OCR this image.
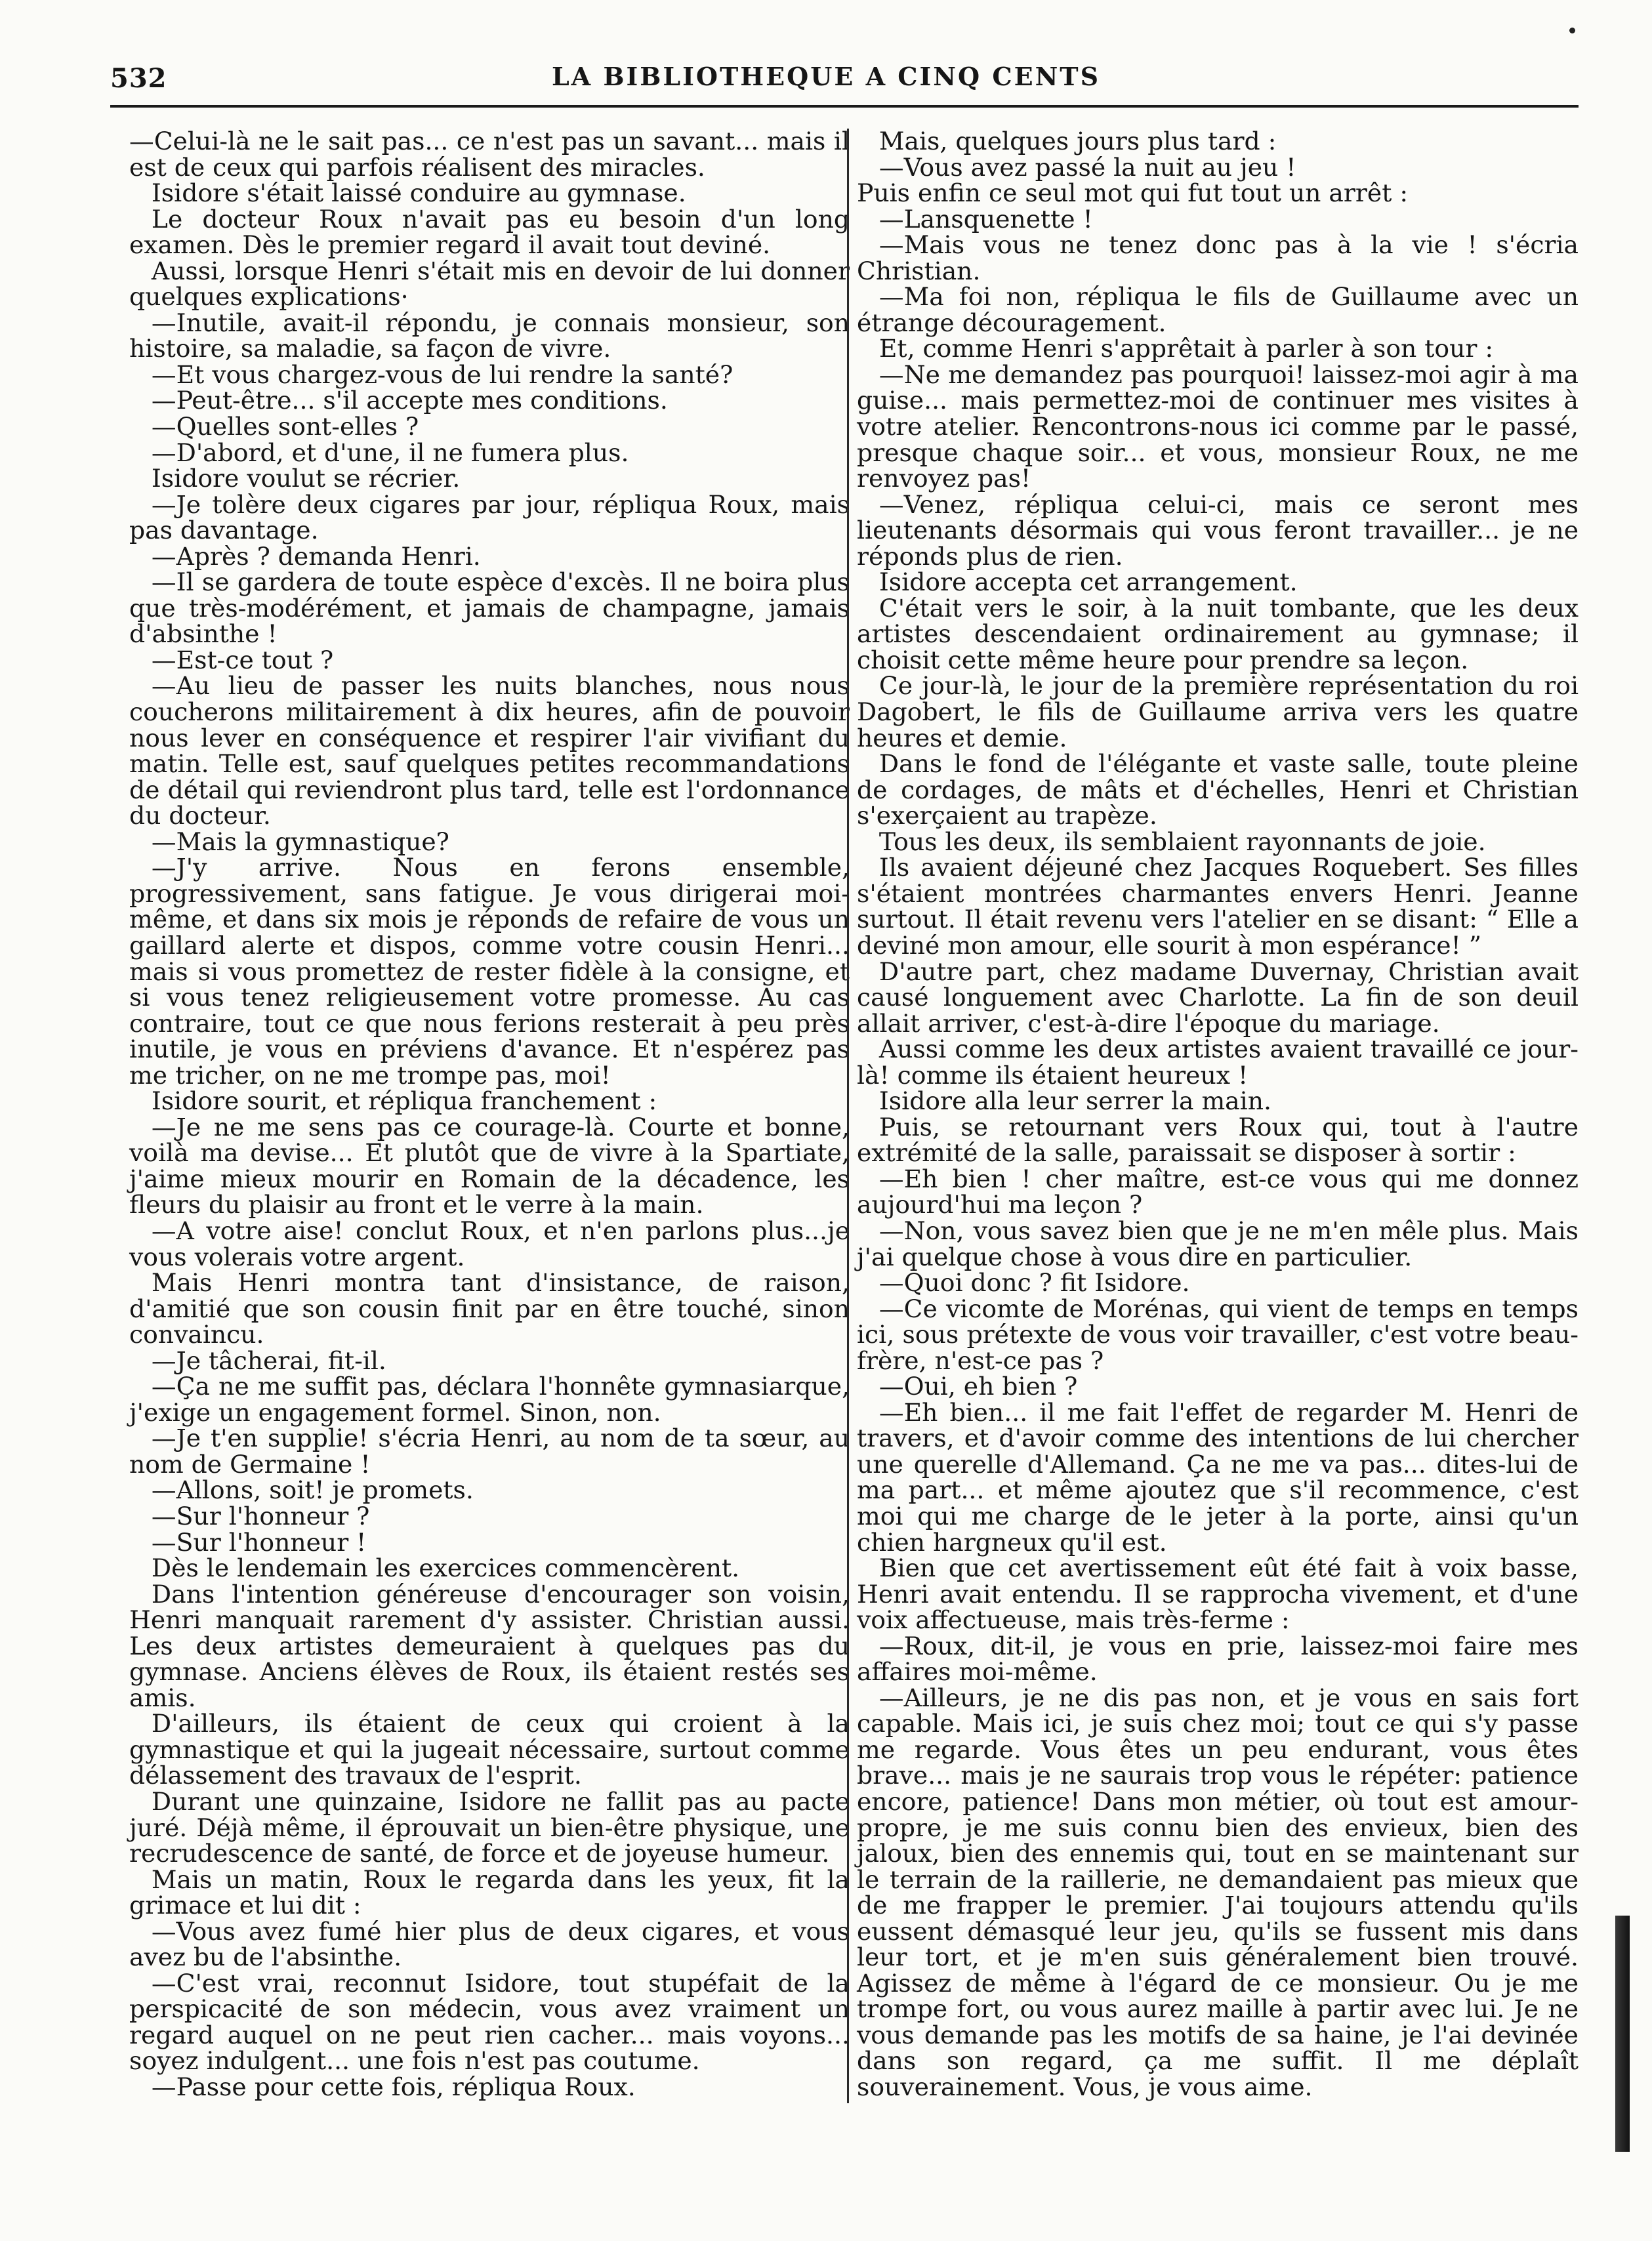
532	LA BIBLIOTHEQUE A CINQ CENTS

—Celui-là ne le sait pas... ce n'est pas un savant... mais il est de ceux qui parfois réalisent des miracles.

Isidore s'était laissé conduire au gymnase.

Le docteur Roux n'avait pas eu besoin d'un long examen. Dès le premier regard il avait tout deviné.

Aussi, lorsque Henri s'était mis en devoir de lui donner quelques explications·

—Inutile, avait-il répondu, je connais monsieur, son histoire, sa maladie, sa façon de vivre.

—Et vous chargez-vous de lui rendre la santé?

—Peut-être... s'il accepte mes conditions.

—Quelles sont-elles ?

—D'abord, et d'une, il ne fumera plus.

Isidore voulut se récrier.

—Je tolère deux cigares par jour, répliqua Roux, mais pas davantage.

—Après ? demanda Henri.

—Il se gardera de toute espèce d'excès. Il ne boira plus que très-modérément, et jamais de champagne, jamais d'absinthe !

—Est-ce tout ?

—Au lieu de passer les nuits blanches, nous nous coucherons militairement à dix heures, afin de pouvoir nous lever en conséquence et respirer l'air vivifiant du matin. Telle est, sauf quelques petites recommandations de détail qui reviendront plus tard, telle est l'ordonnance du docteur.

—Mais la gymnastique?

—J'y arrive. Nous en ferons ensemble, progressivement, sans fatigue. Je vous dirigerai moi-même, et dans six mois je réponds de refaire de vous un gaillard alerte et dispos, comme votre cousin Henri... mais si vous promettez de rester fidèle à la consigne, et si vous tenez religieusement votre promesse. Au cas contraire, tout ce que nous ferions resterait à peu près inutile, je vous en préviens d'avance. Et n'espérez pas me tricher, on ne me trompe pas, moi!

Isidore sourit, et répliqua franchement :

—Je ne me sens pas ce courage-là. Courte et bonne, voilà ma devise... Et plutôt que de vivre à la Spartiate, j'aime mieux mourir en Romain de la décadence, les fleurs du plaisir au front et le verre à la main.

—A votre aise! conclut Roux, et n'en parlons plus...je vous volerais votre argent.

Mais Henri montra tant d'insistance, de raison, d'amitié que son cousin finit par en être touché, sinon convaincu.

—Je tâcherai, fit-il.

—Ça ne me suffit pas, déclara l'honnête gymnasiarque, j'exige un engagement formel. Sinon, non.

—Je t'en supplie! s'écria Henri, au nom de ta sœur, au nom de Germaine !

—Allons, soit! je promets.

—Sur l'honneur ?

—Sur l'honneur !

Dès le lendemain les exercices commencèrent.

Dans l'intention généreuse d'encourager son voisin, Henri manquait rarement d'y assister. Christian aussi. Les deux artistes demeuraient à quelques pas du gymnase. Anciens élèves de Roux, ils étaient restés ses amis.

D'ailleurs, ils étaient de ceux qui croient à la gymnastique et qui la jugeait nécessaire, surtout comme délassement des travaux de l'esprit.

Durant une quinzaine, Isidore ne fallit pas au pacte juré. Déjà même, il éprouvait un bien-être physique, une recrudescence de santé, de force et de joyeuse humeur.

Mais un matin, Roux le regarda dans les yeux, fit la grimace et lui dit :

—Vous avez fumé hier plus de deux cigares, et vous avez bu de l'absinthe.

—C'est vrai, reconnut Isidore, tout stupéfait de la perspicacité de son médecin, vous avez vraiment un regard auquel on ne peut rien cacher... mais voyons... soyez indulgent... une fois n'est pas coutume.

—Passe pour cette fois, répliqua Roux.

Mais, quelques jours plus tard :

—Vous avez passé la nuit au jeu !

Puis enfin ce seul mot qui fut tout un arrêt :

—Lansquenette !

—Mais vous ne tenez donc pas à la vie ! s'écria Christian.

—Ma foi non, répliqua le fils de Guillaume avec un étrange découragement.

Et, comme Henri s'apprêtait à parler à son tour :

—Ne me demandez pas pourquoi! laissez-moi agir à ma guise... mais permettez-moi de continuer mes visites à votre atelier. Rencontrons-nous ici comme par le passé, presque chaque soir... et vous, monsieur Roux, ne me renvoyez pas!

—Venez, répliqua celui-ci, mais ce seront mes lieutenants désormais qui vous feront travailler... je ne réponds plus de rien.

Isidore accepta cet arrangement.

C'était vers le soir, à la nuit tombante, que les deux artistes descendaient ordinairement au gymnase; il choisit cette même heure pour prendre sa leçon.

Ce jour-là, le jour de la première représentation du roi Dagobert, le fils de Guillaume arriva vers les quatre heures et demie.

Dans le fond de l'élégante et vaste salle, toute pleine de cordages, de mâts et d'échelles, Henri et Christian s'exerçaient au trapèze.

Tous les deux, ils semblaient rayonnants de joie.

Ils avaient déjeuné chez Jacques Roquebert. Ses filles s'étaient montrées charmantes envers Henri. Jeanne surtout. Il était revenu vers l'atelier en se disant: “ Elle a deviné mon amour, elle sourit à mon espérance! ”

D'autre part, chez madame Duvernay, Christian avait causé longuement avec Charlotte. La fin de son deuil allait arriver, c'est-à-dire l'époque du mariage.

Aussi comme les deux artistes avaient travaillé ce jour-là! comme ils étaient heureux !

Isidore alla leur serrer la main.

Puis, se retournant vers Roux qui, tout à l'autre extrémité de la salle, paraissait se disposer à sortir :

—Eh bien ! cher maître, est-ce vous qui me donnez aujourd'hui ma leçon ?

—Non, vous savez bien que je ne m'en mêle plus. Mais j'ai quelque chose à vous dire en particulier.

—Quoi donc ? fit Isidore.

—Ce vicomte de Morénas, qui vient de temps en temps ici, sous prétexte de vous voir travailler, c'est votre beau-frère, n'est-ce pas ?

—Oui, eh bien ?

—Eh bien... il me fait l'effet de regarder M. Henri de travers, et d'avoir comme des intentions de lui chercher une querelle d'Allemand. Ça ne me va pas... dites-lui de ma part... et même ajoutez que s'il recommence, c'est moi qui me charge de le jeter à la porte, ainsi qu'un chien hargneux qu'il est.

Bien que cet avertissement eût été fait à voix basse, Henri avait entendu. Il se rapprocha vivement, et d'une voix affectueuse, mais très-ferme :

—Roux, dit-il, je vous en prie, laissez-moi faire mes affaires moi-même.

—Ailleurs, je ne dis pas non, et je vous en sais fort capable. Mais ici, je suis chez moi; tout ce qui s'y passe me regarde. Vous êtes un peu endurant, vous êtes brave... mais je ne saurais trop vous le répéter: patience encore, patience! Dans mon métier, où tout est amour-propre, je me suis connu bien des envieux, bien des jaloux, bien des ennemis qui, tout en se maintenant sur le terrain de la raillerie, ne demandaient pas mieux que de me frapper le premier. J'ai toujours attendu qu'ils eussent démasqué leur jeu, qu'ils se fussent mis dans leur tort, et je m'en suis généralement bien trouvé. Agissez de même à l'égard de ce monsieur. Ou je me trompe fort, ou vous aurez maille à partir avec lui. Je ne vous demande pas les motifs de sa haine, je l'ai devinée dans son regard, ça me suffit. Il me déplaît souverainement. Vous, je vous aime.
